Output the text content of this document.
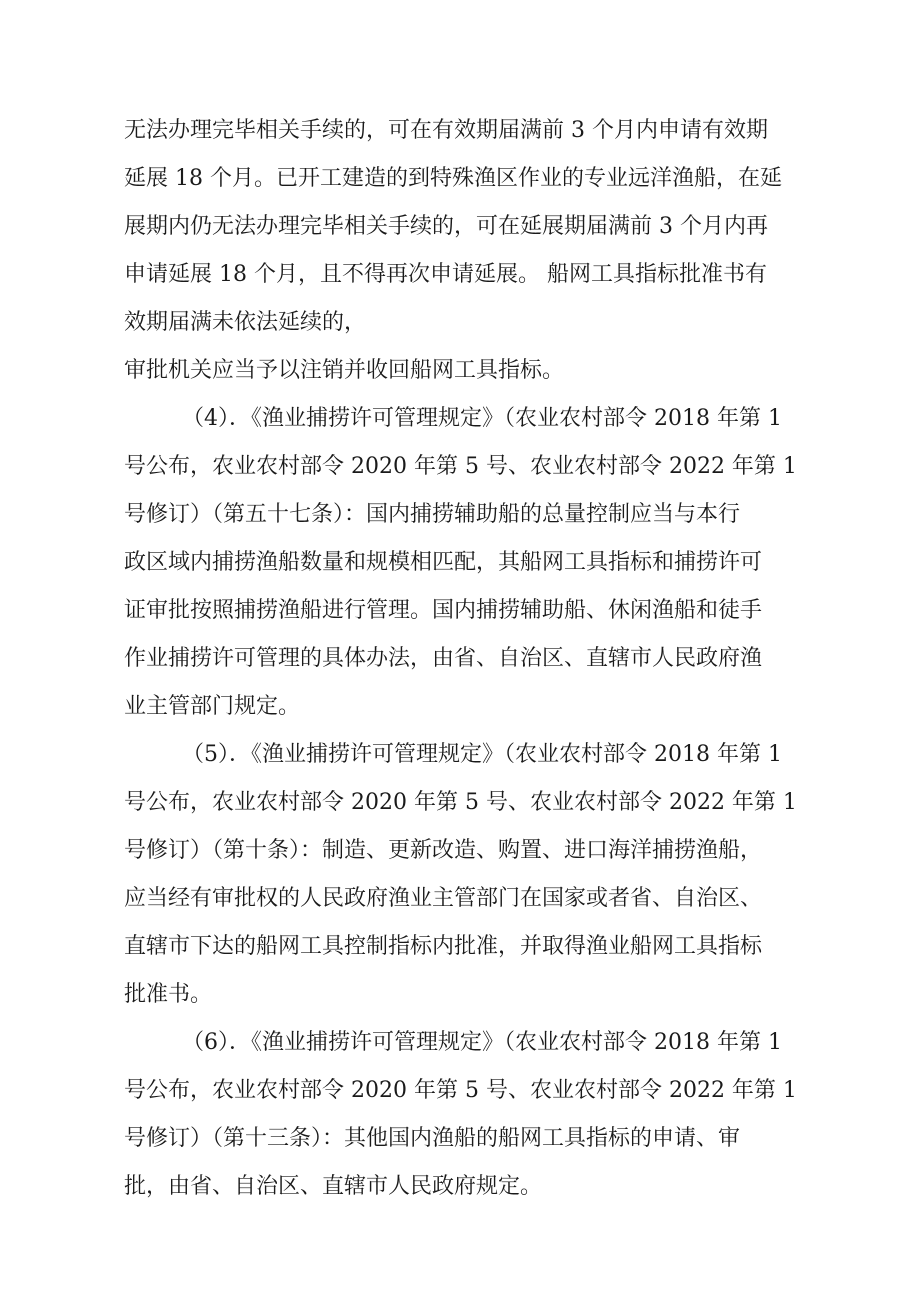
无法办理完毕相关手续的，可在有效期届满前 3 个月内申请有效期
延展 18 个月。已开工建造的到特殊渔区作业的专业远洋渔船，在延
展期内仍无法办理完毕相关手续的，可在延展期届满前 3 个月内再
申请延展 18 个月，且不得再次申请延展。 船网工具指标批准书有
效期届满未依法延续的，
审批机关应当予以注销并收回船网工具指标。
（4）．《渔业捕捞许可管理规定》（农业农村部令 2018 年第 1
号公布，农业农村部令 2020 年第 5 号、农业农村部令 2022 年第 1
号修订）（第五十七条）：国内捕捞辅助船的总量控制应当与本行
政区域内捕捞渔船数量和规模相匹配，其船网工具指标和捕捞许可
证审批按照捕捞渔船进行管理。国内捕捞辅助船、休闲渔船和徒手
作业捕捞许可管理的具体办法，由省、自治区、直辖市人民政府渔
业主管部门规定。
（5）．《渔业捕捞许可管理规定》（农业农村部令 2018 年第 1
号公布，农业农村部令 2020 年第 5 号、农业农村部令 2022 年第 1
号修订）（第十条）：制造、更新改造、购置、进口海洋捕捞渔船，
应当经有审批权的人民政府渔业主管部门在国家或者省、自治区、
直辖市下达的船网工具控制指标内批准，并取得渔业船网工具指标
批准书。
（6）．《渔业捕捞许可管理规定》（农业农村部令 2018 年第 1
号公布，农业农村部令 2020 年第 5 号、农业农村部令 2022 年第 1
号修订）（第十三条）：其他国内渔船的船网工具指标的申请、审
批，由省、自治区、直辖市人民政府规定。
